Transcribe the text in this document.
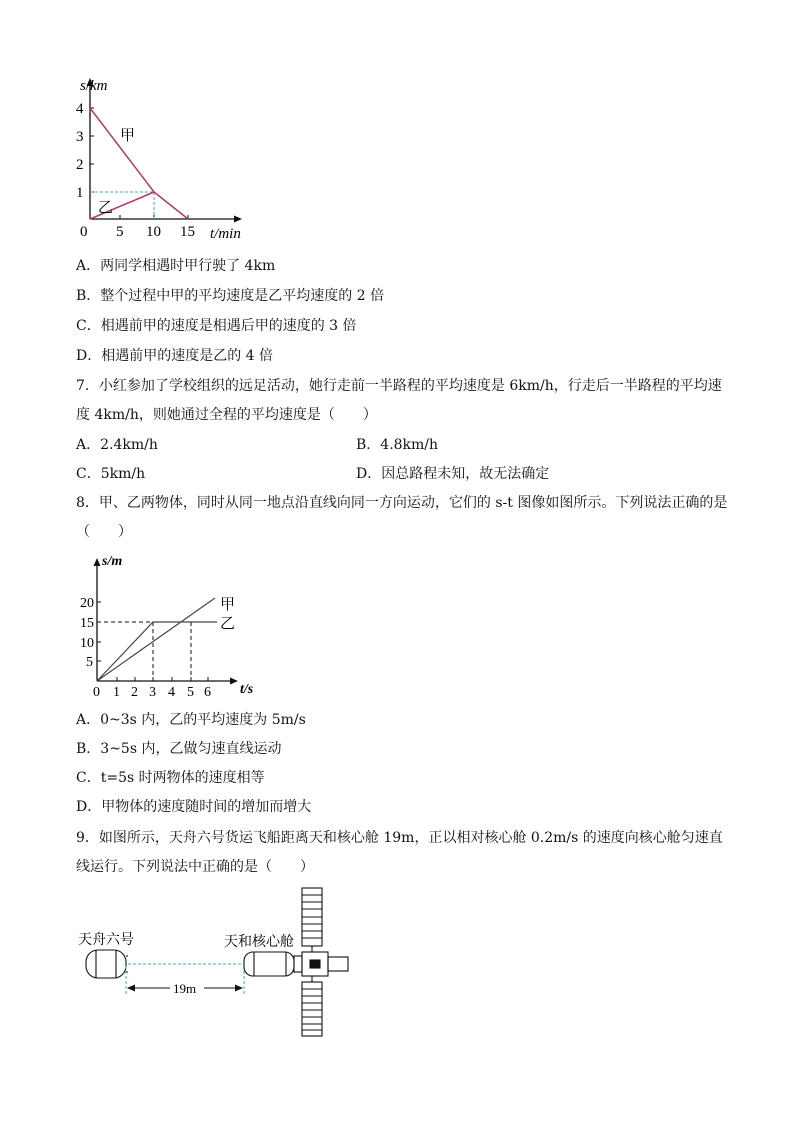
s/km
4
3
2
1
0 5 10 15 t/min
甲
乙
A．两同学相遇时甲行驶了 4km
B．整个过程中甲的平均速度是乙平均速度的 2 倍
C．相遇前甲的速度是相遇后甲的速度的 3 倍
D．相遇前甲的速度是乙的 4 倍
7．小红参加了学校组织的远足活动，她行走前一半路程的平均速度是 6km/h，行走后一半路程的平均速
度 4km/h，则她通过全程的平均速度是（　　）
A．2.4km/h	B．4.8km/h
C．5km/h	D．因总路程未知，故无法确定
8．甲、乙两物体，同时从同一地点沿直线向同一方向运动，它们的 s-t 图像如图所示。下列说法正确的是
（　　）
s/m
20
15
10
5
0 1 2 3 4 5 6 t/s
甲
乙
A．0~3s 内，乙的平均速度为 5m/s
B．3~5s 内，乙做匀速直线运动
C．t=5s 时两物体的速度相等
D．甲物体的速度随时间的增加而增大
9．如图所示，天舟六号货运飞船距离天和核心舱 19m，正以相对核心舱 0.2m/s 的速度向核心舱匀速直
线运行。下列说法中正确的是（　　）
天舟六号	天和核心舱
19m
